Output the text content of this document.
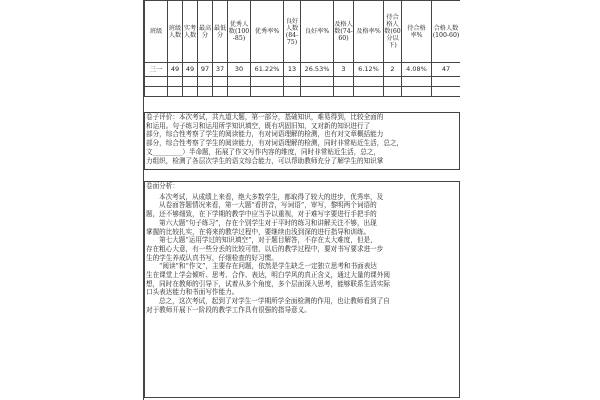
班级	班级人数	实考人数	最高分	最低分	优秀人数(100-85)	优秀率%	良好人数(84-75)	良好率%	及格人数(74-60)	及格率%	待合格人数(60分以下)	待合格率%	合格人数(100-60)
三一	49	49	97	37	30	61.22%	13	26.53%	3	6.12%	2	4.08%	47

卷子评价：本次考试，共九道大题，第一部分，基础知识，难易得到，比较全面的

和运用。句子练习和运用所学知识填空，既有巩固旧知，又对新的知识进行了

部分，综合性考察了学生的阅读能力，有对词语理解的检测，也有对文章概括能力

部分，综合性考察了学生的阅读能力，有对词语理解的检测，同时非常贴近生活，总之，

文_________）半命题，拓展了作文写作内容的维度，同时非常贴近生活，总之，

力组织，检测了各层次学生的语文综合能力，可以帮助教师充分了解学生的知识掌

卷面分析：

本次考试，从成绩上来看，绝大多数学生，都取得了较大的进步，优秀率，及

从卷面答题情况来看，第一大题“看拼音，写词语”，审写，黎明两个词语的

题，还不够细致，在下学期的教学中应当予以重视，对于难写字要进行手把手的

第六大题“句子练习”，存在个别学生对于平时的练习和讲解关注不够，出现

掌握的比较扎实，在将来的教学过程中，要继续由浅到深的进行指导和训练。

第七大题“运用学过的知识填空”，对于题目解答，不存在太大难度，但是，

存在粗心大意，有一些分丢的比较可惜，以后的教学过程中，要对书写要求进一步

生的学生养成认真书写，仔细检查的好习惯。

“阅读”和“作文”，主要存在问题，依然是学生缺乏一定独立思考和书面表达

生在课堂上学会倾听、思考、合作、表达，明白学风的真正含义，通过大量的课外阅

想，同时在教师的引导下，试着从多个角度，多个层面深入思考，能够联系生活实际

口头表达能力和书面写作能力。

总之，这次考试，起到了对学生一学期所学全面检测的作用，也让教师看到了自

对于教师开展下一阶段的教学工作具有很强的指导意义。
